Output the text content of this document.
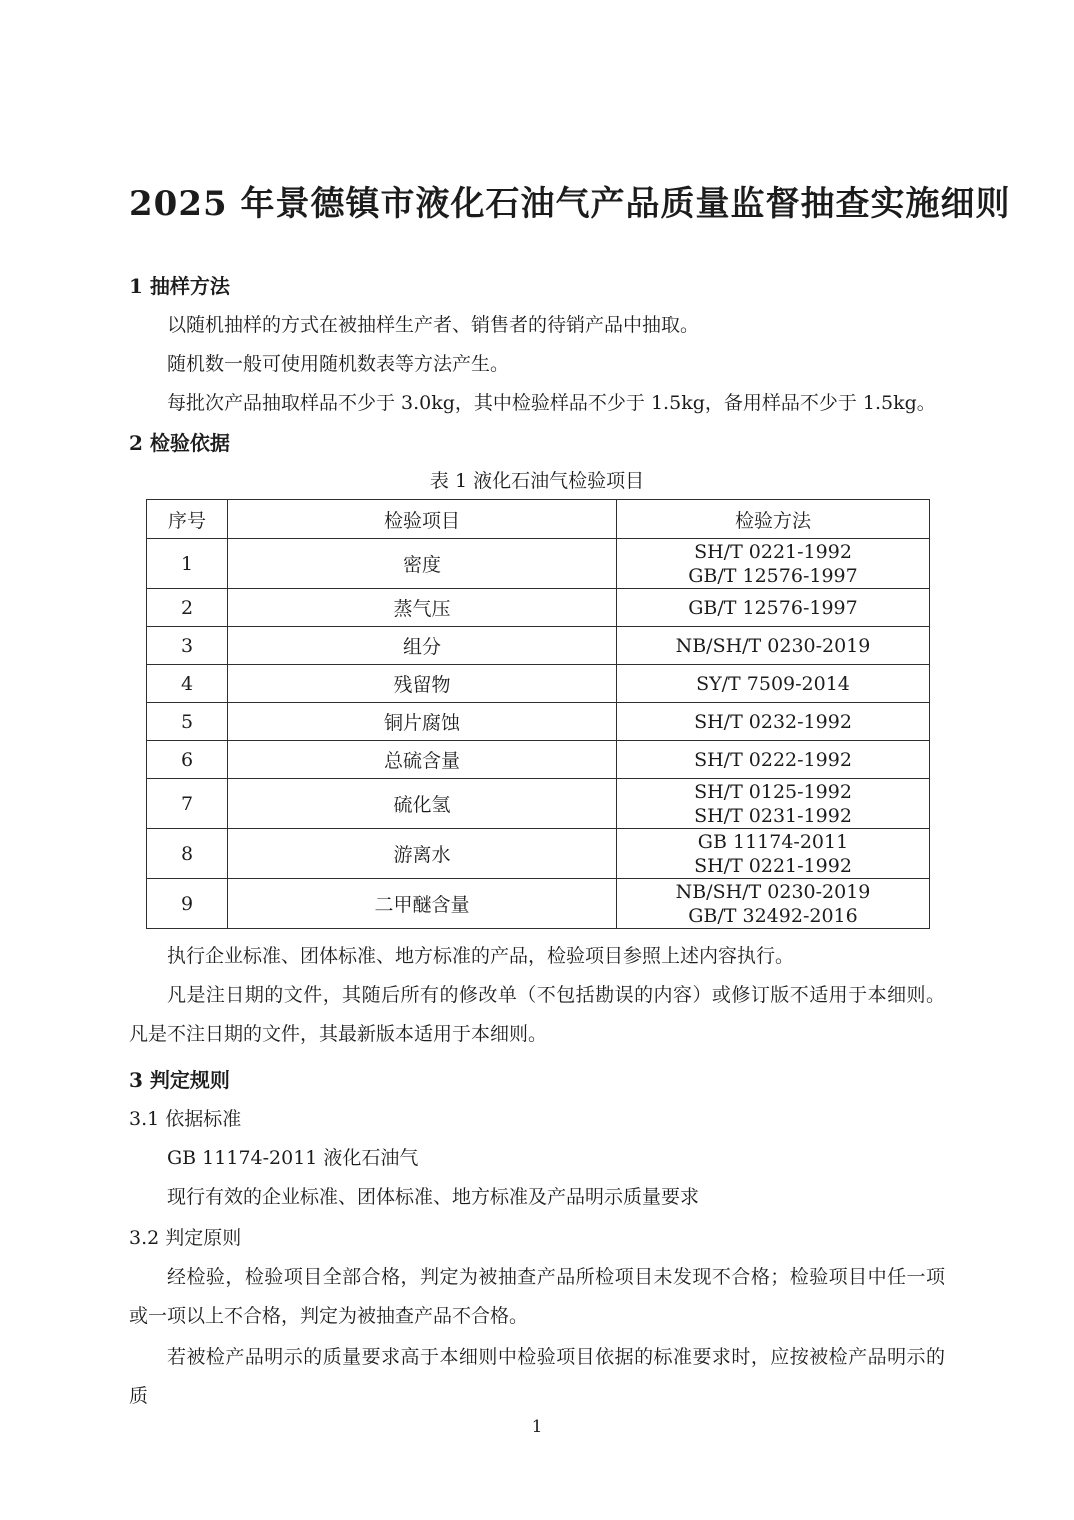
2025 年景德镇市液化石油气产品质量监督抽查实施细则
1 抽样方法

以随机抽样的方式在被抽样生产者、销售者的待销产品中抽取。

随机数一般可使用随机数表等方法产生。

每批次产品抽取样品不少于 3.0kg，其中检验样品不少于 1.5kg，备用样品不少于 1.5kg。

2 检验依据
表 1 液化石油气检验项目
序号	检验项目	检验方法
1	密度	SH/T 0221-1992
GB/T 12576-1997

2	蒸气压	GB/T 12576-1997

3	组分	NB/SH/T 0230-2019

4	残留物	SY/T 7509-2014

5	铜片腐蚀	SH/T 0232-1992

6	总硫含量	SH/T 0222-1992

7	硫化氢	SH/T 0125-1992
SH/T 0231-1992

8	游离水	GB 11174-2011
SH/T 0221-1992

9	二甲醚含量	NB/SH/T 0230-2019
GB/T 32492-2016

执行企业标准、团体标准、地方标准的产品，检验项目参照上述内容执行。

凡是注日期的文件，其随后所有的修改单（不包括勘误的内容）或修订版不适用于本细则。凡是不注日期的文件，其最新版本适用于本细则。

3 判定规则
3.1 依据标准

GB 11174-2011 液化石油气

现行有效的企业标准、团体标准、地方标准及产品明示质量要求

3.2 判定原则

经检验，检验项目全部合格，判定为被抽查产品所检项目未发现不合格；检验项目中任一项或一项以上不合格，判定为被抽查产品不合格。

若被检产品明示的质量要求高于本细则中检验项目依据的标准要求时，应按被检产品明示的质

1
